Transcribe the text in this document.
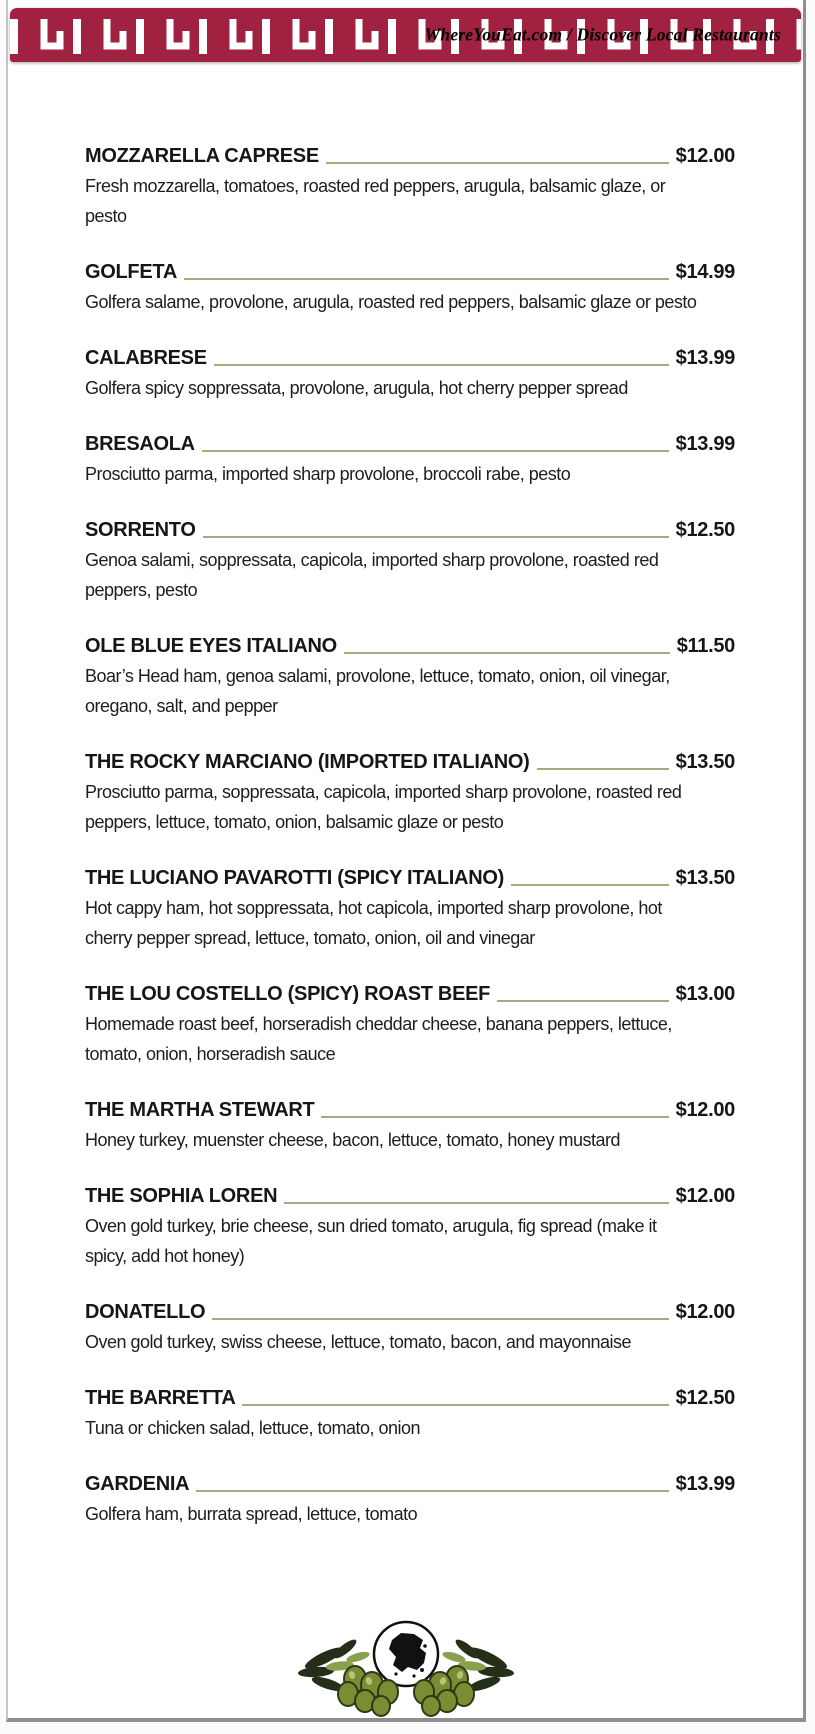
WhereYouEat.com / Discover Local Restaurants
MOZZARELLA CAPRESE	$12.00
Fresh mozzarella, tomatoes, roasted red peppers, arugula, balsamic glaze, or pesto
GOLFETA	$14.99
Golfera salame, provolone, arugula, roasted red peppers, balsamic glaze or pesto
CALABRESE	$13.99
Golfera spicy soppressata, provolone, arugula, hot cherry pepper spread
BRESAOLA	$13.99
Prosciutto parma, imported sharp provolone, broccoli rabe, pesto
SORRENTO	$12.50
Genoa salami, soppressata, capicola, imported sharp provolone, roasted red peppers, pesto
OLE BLUE EYES ITALIANO	$11.50
Boar’s Head ham, genoa salami, provolone, lettuce, tomato, onion, oil vinegar, oregano, salt, and pepper
THE ROCKY MARCIANO (IMPORTED ITALIANO)	$13.50
Prosciutto parma, soppressata, capicola, imported sharp provolone, roasted red peppers, lettuce, tomato, onion, balsamic glaze or pesto
THE LUCIANO PAVAROTTI (SPICY ITALIANO)	$13.50
Hot cappy ham, hot soppressata, hot capicola, imported sharp provolone, hot cherry pepper spread, lettuce, tomato, onion, oil and vinegar
THE LOU COSTELLO (SPICY) ROAST BEEF	$13.00
Homemade roast beef, horseradish cheddar cheese, banana peppers, lettuce, tomato, onion, horseradish sauce
THE MARTHA STEWART	$12.00
Honey turkey, muenster cheese, bacon, lettuce, tomato, honey mustard
THE SOPHIA LOREN	$12.00
Oven gold turkey, brie cheese, sun dried tomato, arugula, fig spread (make it spicy, add hot honey)
DONATELLO	$12.00
Oven gold turkey, swiss cheese, lettuce, tomato, bacon, and mayonnaise
THE BARRETTA	$12.50
Tuna or chicken salad, lettuce, tomato, onion
GARDENIA	$13.99
Golfera ham, burrata spread, lettuce, tomato
